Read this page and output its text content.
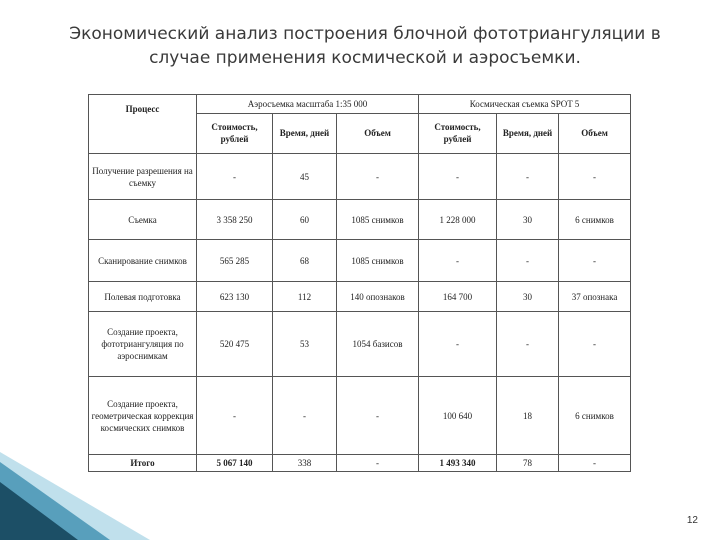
Экономический анализ построения блочной фототриангуляции в
случае применения космической и аэросъемки.
Процесс	Аэросъемка масштаба 1:35 000			Космическая съемка SPOT 5		
	Стоимость, рублей	Время, дней	Объем	Стоимость, рублей	Время, дней	Объем
Получение разрешения на съемку	-	45	-	-	-	-
Съемка	3 358 250	60	1085 снимков	1 228 000	30	6 снимков
Сканирование снимков	565 285	68	1085 снимков	-	-	-
Полевая подготовка	623 130	112	140 опознаков	164 700	30	37 опознака
Создание проекта, фототриангуляция по аэроснимкам	520 475	53	1054 базисов	-	-	-
Создание проекта, геометрическая коррекция космических снимков	-	-	-	100 640	18	6 снимков
Итого	5 067 140	338	-	1 493 340	78	-
12
